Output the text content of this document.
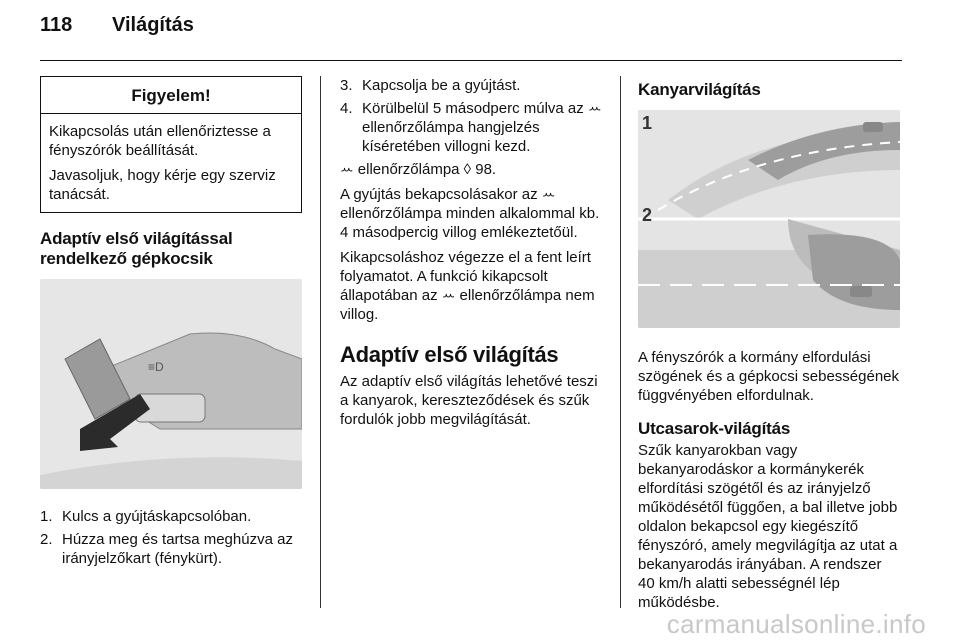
118	Világítás
Figyelem!

Kikapcsolás után ellenőriztesse a fényszórók beállítását.

Javasoljuk, hogy kérje egy szerviz tanácsát.

Adaptív első világítással rendelkező gépkocsik
≡D
1. Kulcs a gyújtáskapcsolóban.
2. Húzza meg és tartsa meghúzva az irányjelzőkart (fénykürt).
3. Kapcsolja be a gyújtást.
4. Körülbelül 5 másodperc múlva az ꕀ ellenőrzőlámpa hangjelzés kíséretében villogni kezd.

ꕀ ellenőrzőlámpa ◊ 98.

A gyújtás bekapcsolásakor az ꕀ ellenőrzőlámpa minden alkalommal kb. 4 másodpercig villog emlékeztetőül.

Kikapcsoláshoz végezze el a fent leírt folyamatot. A funkció kikapcsolt állapotában az ꕀ ellenőrzőlámpa nem villog.

Adaptív első világítás

Az adaptív első világítás lehetővé teszi a kanyarok, kereszteződések és szűk fordulók jobb megvilágítását.

Kanyarvilágítás
1
2

A fényszórók a kormány elfordulási szögének és a gépkocsi sebességének függvényében elfordulnak.

Utcasarok-világítás

Szűk kanyarokban vagy bekanyarodáskor a kormánykerék elfordítási szögétől és az irányjelző működésétől függően, a bal illetve jobb oldalon bekapcsol egy kiegészítő fényszóró, amely megvilágítja az utat a bekanyarodás irányában. A rendszer 40 km/h alatti sebességnél lép működésbe.

carmanualsonline.info
